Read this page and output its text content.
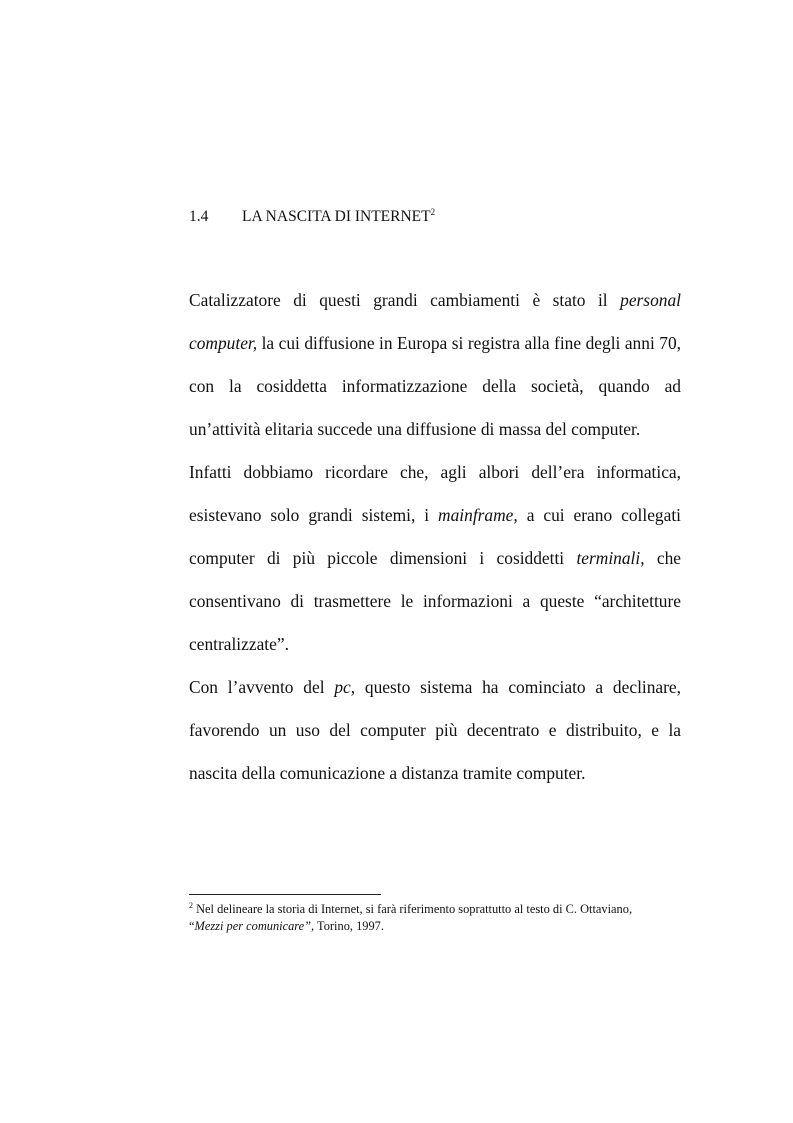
1.4 LA NASCITA DI INTERNET$^2$

Catalizzatore di questi grandi cambiamenti è stato il personal computer, la cui diffusione in Europa si registra alla fine degli anni 70, con la cosiddetta informatizzazione della società, quando ad un’attività elitaria succede una diffusione di massa del computer.

Infatti dobbiamo ricordare che, agli albori dell’era informatica, esistevano solo grandi sistemi, i mainframe, a cui erano collegati computer di più piccole dimensioni i cosiddetti terminali, che consentivano di trasmettere le informazioni a queste “architetture centralizzate”.

Con l’avvento del pc, questo sistema ha cominciato a declinare, favorendo un uso del computer più decentrato e distribuito, e la nascita della comunicazione a distanza tramite computer.

$^2$ Nel delineare la storia di Internet, si farà riferimento soprattutto al testo di C. Ottaviano,
“Mezzi per comunicare”, Torino, 1997.
